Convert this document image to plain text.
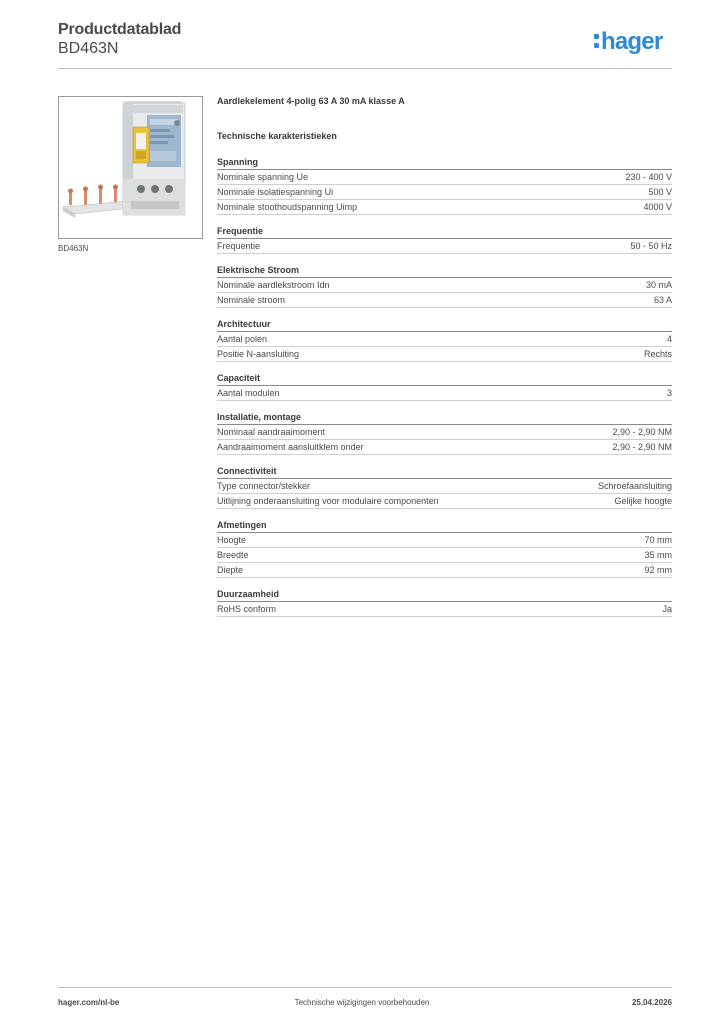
Productdatablad
BD463N	hager
BD463N
Aardlekelement 4-polig 63 A 30 mA klasse A
Technische karakteristieken
Spanning
Nominale spanning Ue	230 - 400 V
Nominale isolatiespanning Ui	500 V
Nominale stoothoudspanning Uimp	4000 V
Frequentie
Frequentie	50 - 50 Hz
Elektrische Stroom
Nominale aardlekstroom Idn	30 mA
Nominale stroom	63 A
Architectuur
Aantal polen	4
Positie N-aansluiting	Rechts
Capaciteit
Aantal modulen	3
Installatie, montage
Nominaal aandraaimoment	2,90 - 2,90 NM
Aandraaimoment aansluitklem onder	2,90 - 2,90 NM
Connectiviteit
Type connector/stekker	Schroefaansluiting
Uitlijning onderaansluiting voor modulaire componenten	Gelijke hoogte
Afmetingen
Hoogte	70 mm
Breedte	35 mm
Diepte	92 mm
Duurzaamheid
RoHS conform	Ja
hager.com/nl-be	Technische wijzigingen voorbehouden	25.04.2026
